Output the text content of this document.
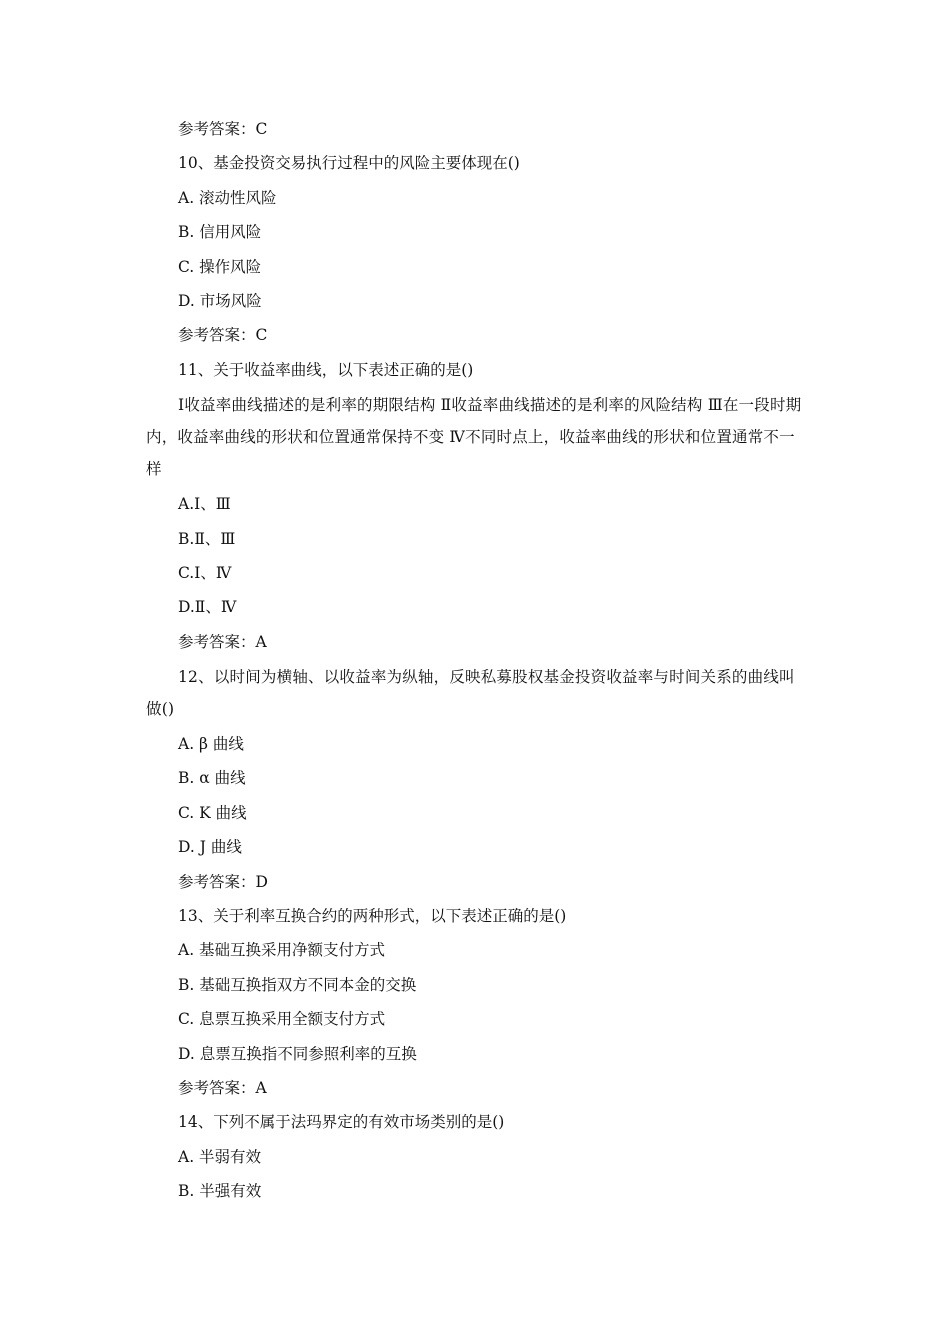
参考答案：C
10、基金投资交易执行过程中的风险主要体现在()
A. 滚动性风险
B. 信用风险
C. 操作风险
D. 市场风险
参考答案：C
11、关于收益率曲线，以下表述正确的是()
Ⅰ收益率曲线描述的是利率的期限结构 Ⅱ收益率曲线描述的是利率的风险结构 Ⅲ在一段时期内，收益率曲线的形状和位置通常保持不变 Ⅳ不同时点上，收益率曲线的形状和位置通常不一样
A.Ⅰ、Ⅲ
B.Ⅱ、Ⅲ
C.Ⅰ、Ⅳ
D.Ⅱ、Ⅳ
参考答案：A
12、以时间为横轴、以收益率为纵轴，反映私募股权基金投资收益率与时间关系的曲线叫做()
A. β 曲线
B. α 曲线
C. K 曲线
D. J 曲线
参考答案：D
13、关于利率互换合约的两种形式，以下表述正确的是()
A. 基础互换采用净额支付方式
B. 基础互换指双方不同本金的交换
C. 息票互换采用全额支付方式
D. 息票互换指不同参照利率的互换
参考答案：A
14、下列不属于法玛界定的有效市场类别的是()
A. 半弱有效
B. 半强有效
